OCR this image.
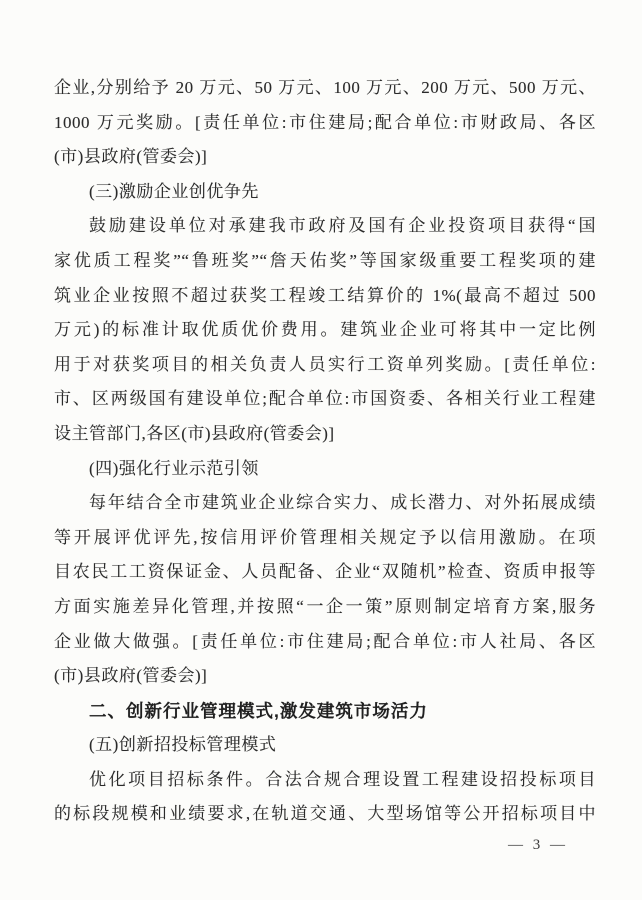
企业,分别给予 20 万元、50 万元、100 万元、200 万元、500 万元、
1000 万元奖励。[责任单位:市住建局;配合单位:市财政局、各区
(市)县政府(管委会)]
(三)激励企业创优争先
鼓励建设单位对承建我市政府及国有企业投资项目获得“国
家优质工程奖”“鲁班奖”“詹天佑奖”等国家级重要工程奖项的建
筑业企业按照不超过获奖工程竣工结算价的 1%(最高不超过 500
万元)的标准计取优质优价费用。建筑业企业可将其中一定比例
用于对获奖项目的相关负责人员实行工资单列奖励。[责任单位:
市、区两级国有建设单位;配合单位:市国资委、各相关行业工程建
设主管部门,各区(市)县政府(管委会)]
(四)强化行业示范引领
每年结合全市建筑业企业综合实力、成长潜力、对外拓展成绩
等开展评优评先,按信用评价管理相关规定予以信用激励。在项
目农民工工资保证金、人员配备、企业“双随机”检查、资质申报等
方面实施差异化管理,并按照“一企一策”原则制定培育方案,服务
企业做大做强。[责任单位:市住建局;配合单位:市人社局、各区
(市)县政府(管委会)]
二、创新行业管理模式,激发建筑市场活力
(五)创新招投标管理模式
优化项目招标条件。合法合规合理设置工程建设招投标项目
的标段规模和业绩要求,在轨道交通、大型场馆等公开招标项目中
— 3 —
